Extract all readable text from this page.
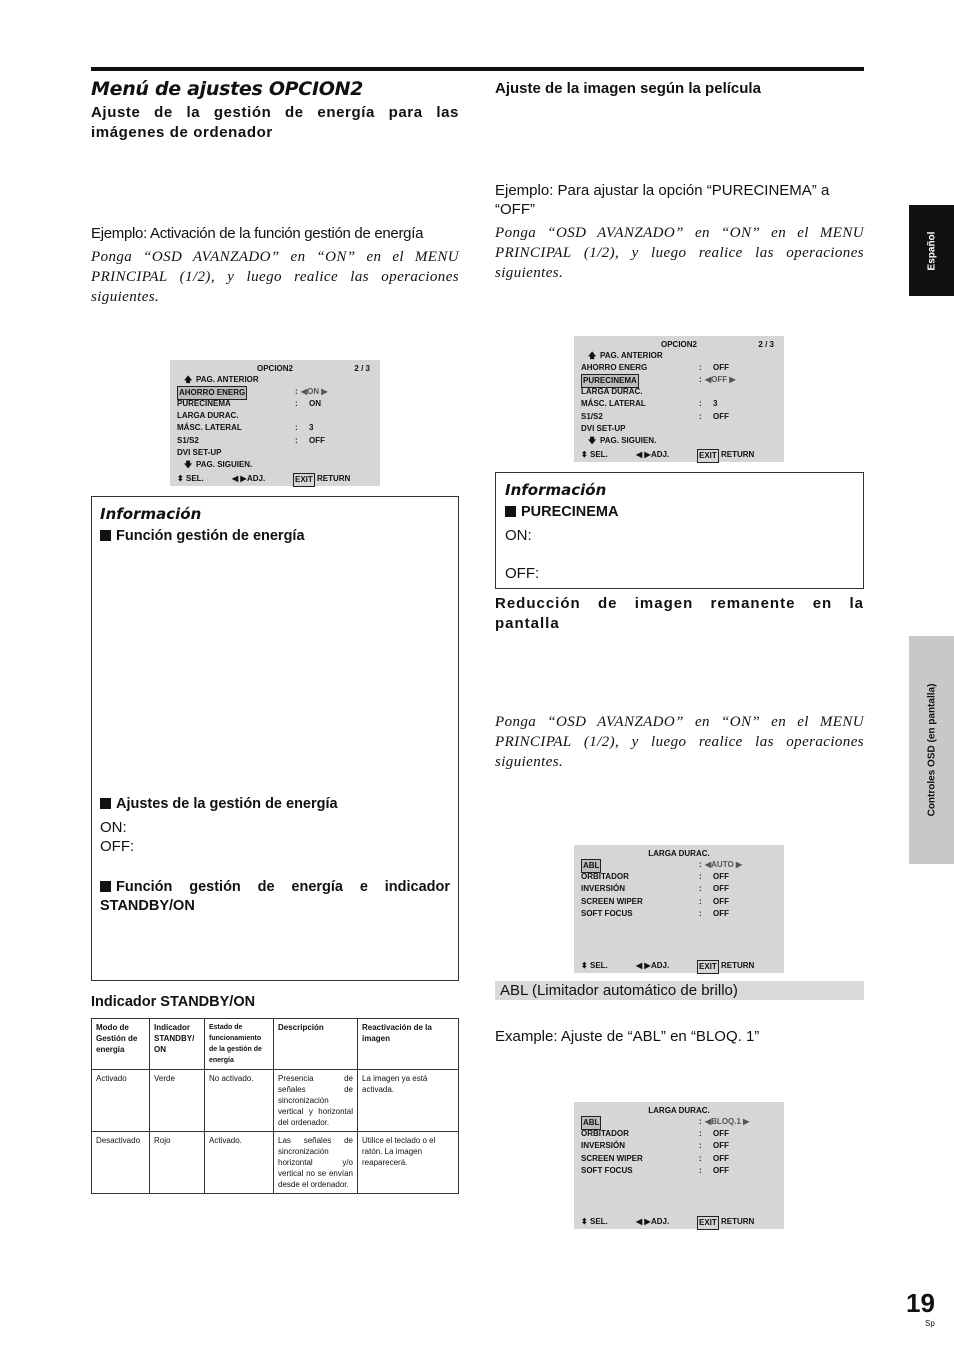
Menú de ajustes OPCION2
Ajuste de la gestión de energía para las imágenes de ordenador
Ejemplo: Activación de la función gestión de energía
Ponga “OSD AVANZADO” en “ON” en el MENU PRINCIPAL (1/2), y luego realice las operaciones siguientes.
OPCION2	2 / 3
🡅 PAG. ANTERIOR
AHORRO ENERG	: ◀ON ▶
PURECINEMA	: ON
LARGA DURAC.
MÁSC. LATERAL	: 3
S1/S2	: OFF
DVI SET-UP
🡇 PAG. SIGUIEN.
⬍ SEL.	◀ ▶ ADJ.	EXIT RETURN
Información
Función gestión de energía
Ajustes de la gestión de energía
ON:
OFF:
Función gestión de energía e indicador STANDBY/ON
Indicador STANDBY/ON
Modo de Gestión de energía	Indicador STANDBY/ ON	Estado de funcionamiento de la gestión de energía	Descripción	Reactivación de la imagen
Activado	Verde	No activado.	Presencia de señales de sincronización vertical y horizontal del ordenador.	La imagen ya está activada.
Desactivado	Rojo	Activado.	Las señales de sincronización horizontal y/o vertical no se envían desde el ordenador.	Utilice el teclado o el ratón. La imagen reaparecerá.
Ajuste de la imagen según la película
Ejemplo: Para ajustar la opción “PURECINEMA” a “OFF”
Ponga “OSD AVANZADO” en “ON” en el MENU PRINCIPAL (1/2), y luego realice las operaciones siguientes.
OPCION2	2 / 3
🡅 PAG. ANTERIOR
AHORRO ENERG	: OFF
PURECINEMA	: ◀OFF ▶
LARGA DURAC.
MÁSC. LATERAL	: 3
S1/S2	: OFF
DVI SET-UP
🡇 PAG. SIGUIEN.
⬍ SEL.	◀ ▶ ADJ.	EXIT RETURN
Información
PURECINEMA
ON:
OFF:
Reducción de imagen remanente en la pantalla
Ponga “OSD AVANZADO” en “ON” en el MENU PRINCIPAL (1/2), y luego realice las operaciones siguientes.
LARGA DURAC.
ABL	: ◀AUTO ▶
ORBITADOR	: OFF
INVERSIÓN	: OFF
SCREEN WIPER	: OFF
SOFT FOCUS	: OFF
⬍ SEL.	◀ ▶ ADJ.	EXIT RETURN
ABL (Limitador automático de brillo)
Example: Ajuste de “ABL” en “BLOQ. 1”
LARGA DURAC.
ABL	: ◀BLOQ.1 ▶
ORBITADOR	: OFF
INVERSIÓN	: OFF
SCREEN WIPER	: OFF
SOFT FOCUS	: OFF
⬍ SEL.	◀ ▶ ADJ.	EXIT RETURN
Español
Controles OSD (en pantalla)
19
Sp
